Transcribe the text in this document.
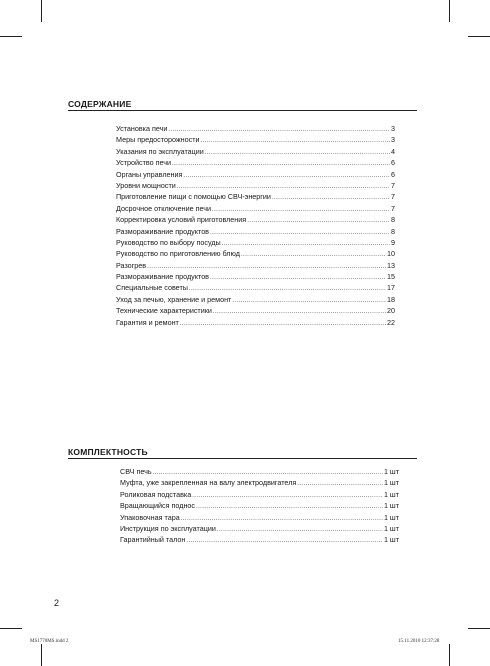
СОДЕРЖАНИЕ
Установка печи .....	3
Меры предосторожности .....	3
Указания по эксплуатации .....	4
Устройство печи .....	6
Органы управления .....	6
Уровни мощности .....	7
Приготовление пищи с помощью СВЧ-энергии .....	7
Досрочное отключение печи .....	7
Корректировка условий приготовления .....	8
Размораживание продуктов .....	8
Руководство по выбору посуды .....	9
Руководство по приготовлению блюд .....	10
Разогрев .....	13
Размораживание продуктов .....	15
Специальные советы .....	17
Уход за печью, хранение и ремонт .....	18
Технические характеристики .....	20
Гарантия и ремонт .....	22
КОМПЛЕКТНОСТЬ
СВЧ печь .....	1 шт
Муфта, уже закрепленная на валу электродвигателя .....	1 шт
Роликовая подставка .....	1 шт
Вращающийся поднос .....	1 шт
Упаковочная тара .....	1 шт
Инструкция по эксплуатации .....	1 шт
Гарантийный талон .....	1 шт
2
MS1770MS.indd 2	15.11.2010 12:37:28
